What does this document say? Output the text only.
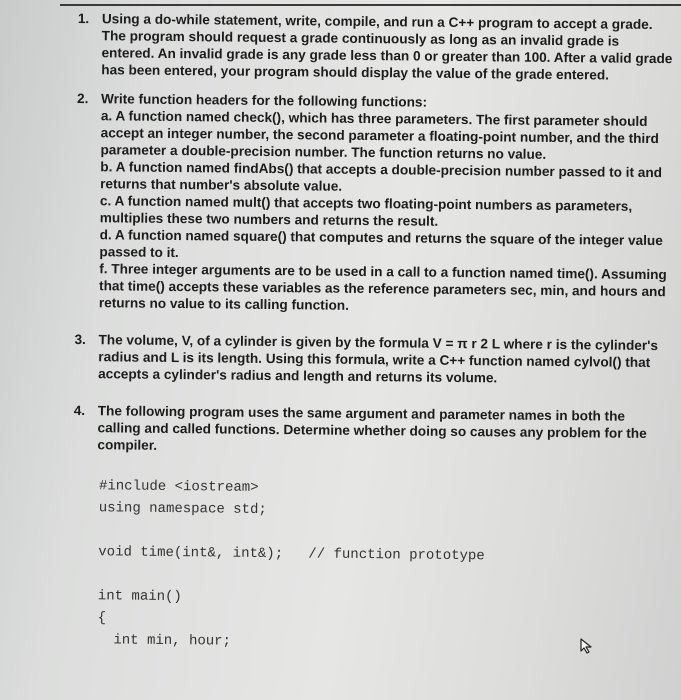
1. Using a do-while statement, write, compile, and run a C++ program to accept a grade. The program should request a grade continuously as long as an invalid grade is entered. An invalid grade is any grade less than 0 or greater than 100. After a valid grade has been entered, your program should display the value of the grade entered.

2. Write function headers for the following functions:

a. A function named check(), which has three parameters. The first parameter should accept an integer number, the second parameter a floating-point number, and the third parameter a double-precision number. The function returns no value.

b. A function named findAbs() that accepts a double-precision number passed to it and returns that number's absolute value.

c. A function named mult() that accepts two floating-point numbers as parameters, multiplies these two numbers and returns the result.

d. A function named square() that computes and returns the square of the integer value passed to it.

f. Three integer arguments are to be used in a call to a function named time(). Assuming that time() accepts these variables as the reference parameters sec, min, and hours and returns no value to its calling function.

3. The volume, V, of a cylinder is given by the formula V = π r 2 L where r is the cylinder's radius and L is its length. Using this formula, write a C++ function named cylvol() that accepts a cylinder's radius and length and returns its volume.

4. The following program uses the same argument and parameter names in both the calling and called functions. Determine whether doing so causes any problem for the compiler.

#include <iostream>
using namespace std;
void time(int&, int&);   // function prototype
int main()
{
int min, hour;
